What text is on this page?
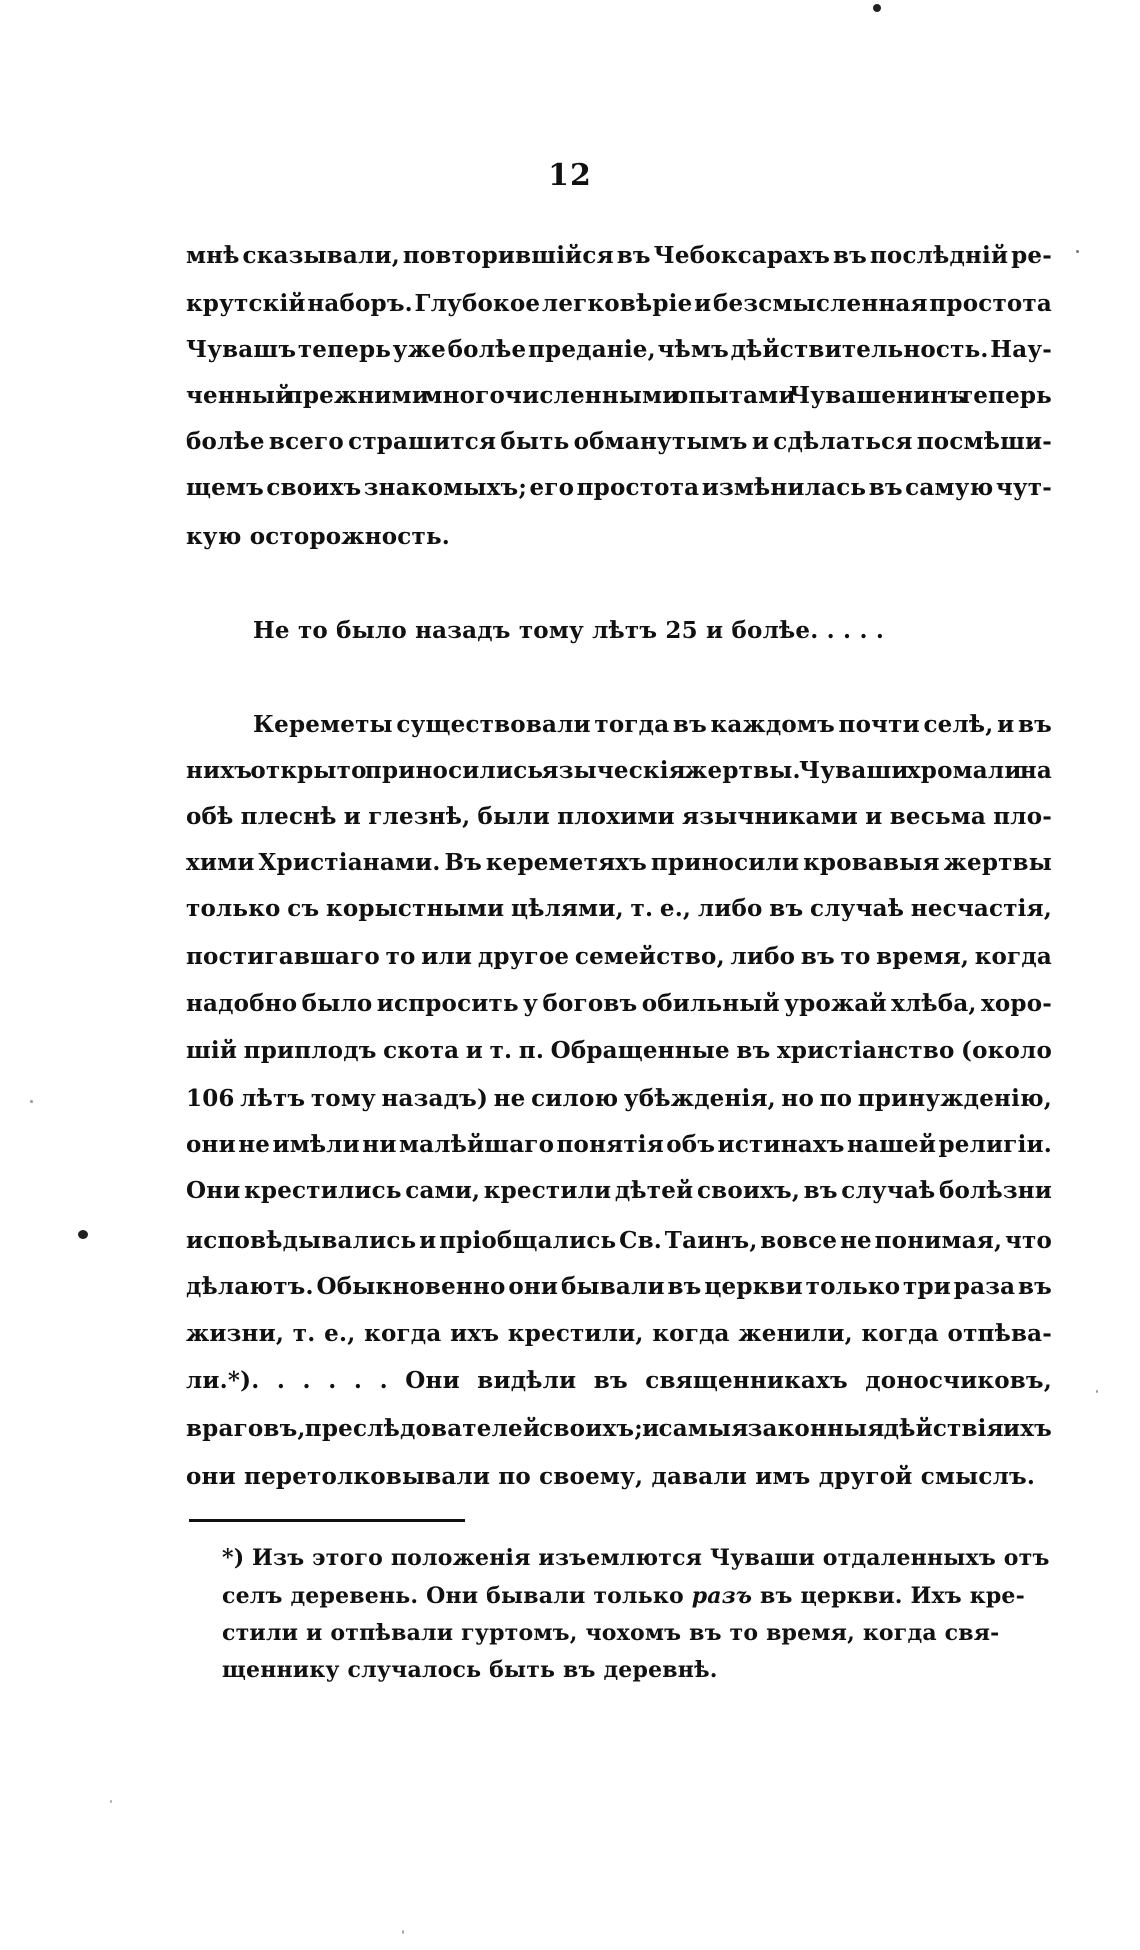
12
мнѣ сказывали, повторившійся въ Чебоксарахъ въ послѣдній ре-
крутскій наборъ. Глубокое легковѣріе и безсмысленная простота
Чувашъ теперь уже болѣе преданіе, чѣмъ дѣйствительность. Нау-
ченный прежними многочисленными опытами Чувашенинъ теперь
болѣе всего страшится быть обманутымъ и сдѣлаться посмѣши-
щемъ своихъ знакомыхъ; его простота измѣнилась въ самую чут-
кую осторожность.
Не то было назадъ тому лѣтъ 25 и болѣе. . . . .
Кереметы существовали тогда въ каждомъ почти селѣ, и въ
нихъ открыто приносились языческія жертвы. Чуваши хромали на
обѣ плеснѣ и глезнѣ, были плохими язычниками и весьма пло-
хими Христіанами. Въ кереметяхъ приносили кровавыя жертвы
только съ корыстными цѣлями, т. е., либо въ случаѣ несчастія,
постигавшаго то или другое семейство, либо въ то время, когда
надобно было испросить у боговъ обильный урожай хлѣба, хоро-
шій приплодъ скота и т. п. Обращенные въ христіанство (около
106 лѣтъ тому назадъ) не силою убѣжденія, но по принужденію,
они не имѣли ни малѣйшаго понятія объ истинахъ нашей религіи.
Они крестились сами, крестили дѣтей своихъ, въ случаѣ болѣзни
исповѣдывались и пріобщались Св. Таинъ, вовсе не понимая, что
дѣлаютъ. Обыкновенно они бывали въ церкви только три раза въ
жизни, т. е., когда ихъ крестили, когда женили, когда отпѣва-
ли.*). . . . . . Они видѣли въ священникахъ доносчиковъ,
враговъ, преслѣдователей своихъ; и самыя законныя дѣйствія ихъ
они перетолковывали по своему, давали имъ другой смыслъ.
*) Изъ этого положенія изъемлются Чуваши отдаленныхъ отъ
селъ деревень. Они бывали только разъ въ церкви. Ихъ кре-
стили и отпѣвали гуртомъ, чохомъ въ то время, когда свя-
щеннику случалось быть въ деревнѣ.
